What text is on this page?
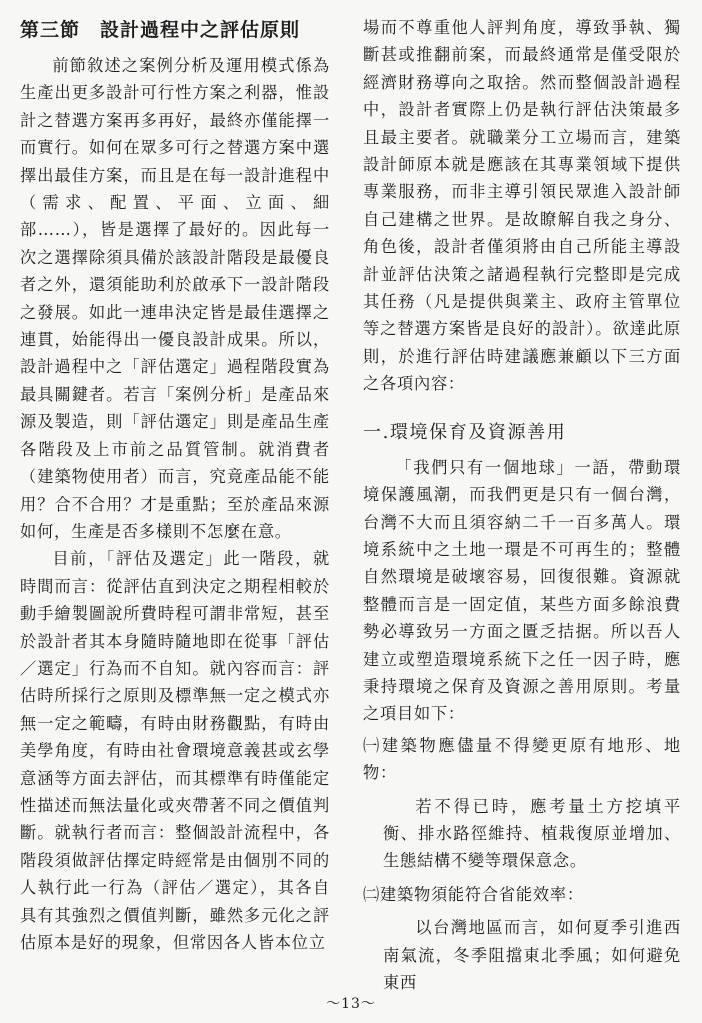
第三節 設計過程中之評估原則

前節敘述之案例分析及運用模式係為生產出更多設計可行性方案之利器，惟設計之替選方案再多再好，最終亦僅能擇一而實行。如何在眾多可行之替選方案中選擇出最佳方案，而且是在每一設計進程中（需求、配置、平面、立面、細部……），皆是選擇了最好的。因此每一次之選擇除須具備於該設計階段是最優良者之外，還須能助利於啟承下一設計階段之發展。如此一連串決定皆是最佳選擇之連貫，始能得出一優良設計成果。所以，設計過程中之「評估選定」過程階段實為最具關鍵者。若言「案例分析」是產品來源及製造，則「評估選定」則是產品生產各階段及上市前之品質管制。就消費者（建築物使用者）而言，究竟產品能不能用？合不合用？才是重點；至於產品來源如何，生產是否多樣則不怎麼在意。

目前，「評估及選定」此一階段，就時間而言：從評估直到決定之期程相較於動手繪製圖說所費時程可謂非常短，甚至於設計者其本身隨時隨地即在從事「評估／選定」行為而不自知。就內容而言：評估時所採行之原則及標準無一定之模式亦無一定之範疇，有時由財務觀點，有時由美學角度，有時由社會環境意義甚或玄學意涵等方面去評估，而其標準有時僅能定性描述而無法量化或夾帶著不同之價值判斷。就執行者而言：整個設計流程中，各階段須做評估擇定時經常是由個別不同的人執行此一行為（評估／選定），其各自具有其強烈之價值判斷，雖然多元化之評估原本是好的現象，但常因各人皆本位立

場而不尊重他人評判角度，導致爭執、獨斷甚或推翻前案，而最終通常是僅受限於經濟財務導向之取捨。然而整個設計過程中，設計者實際上仍是執行評估決策最多且最主要者。就職業分工立場而言，建築設計師原本就是應該在其專業領域下提供專業服務，而非主導引領民眾進入設計師自己建構之世界。是故瞭解自我之身分、角色後，設計者僅須將由自己所能主導設計並評估決策之諸過程執行完整即是完成其任務（凡是提供與業主、政府主管單位等之替選方案皆是良好的設計）。欲達此原則，於進行評估時建議應兼顧以下三方面之各項內容：

一.環境保育及資源善用

「我們只有一個地球」一語，帶動環境保護風潮，而我們更是只有一個台灣，台灣不大而且須容納二千一百多萬人。環境系統中之土地一環是不可再生的；整體自然環境是破壞容易，回復很難。資源就整體而言是一固定值，某些方面多餘浪費勢必導致另一方面之匱乏拮据。所以吾人建立或塑造環境系統下之任一因子時，應秉持環境之保育及資源之善用原則。考量之項目如下：

㈠建築物應儘量不得變更原有地形、地物：

若不得已時，應考量土方挖填平衡、排水路徑維持、植栽復原並增加、生態結構不變等環保意念。

㈡建築物須能符合省能效率：

以台灣地區而言，如何夏季引進西南氣流，冬季阻擋東北季風；如何避免東西

～13～
